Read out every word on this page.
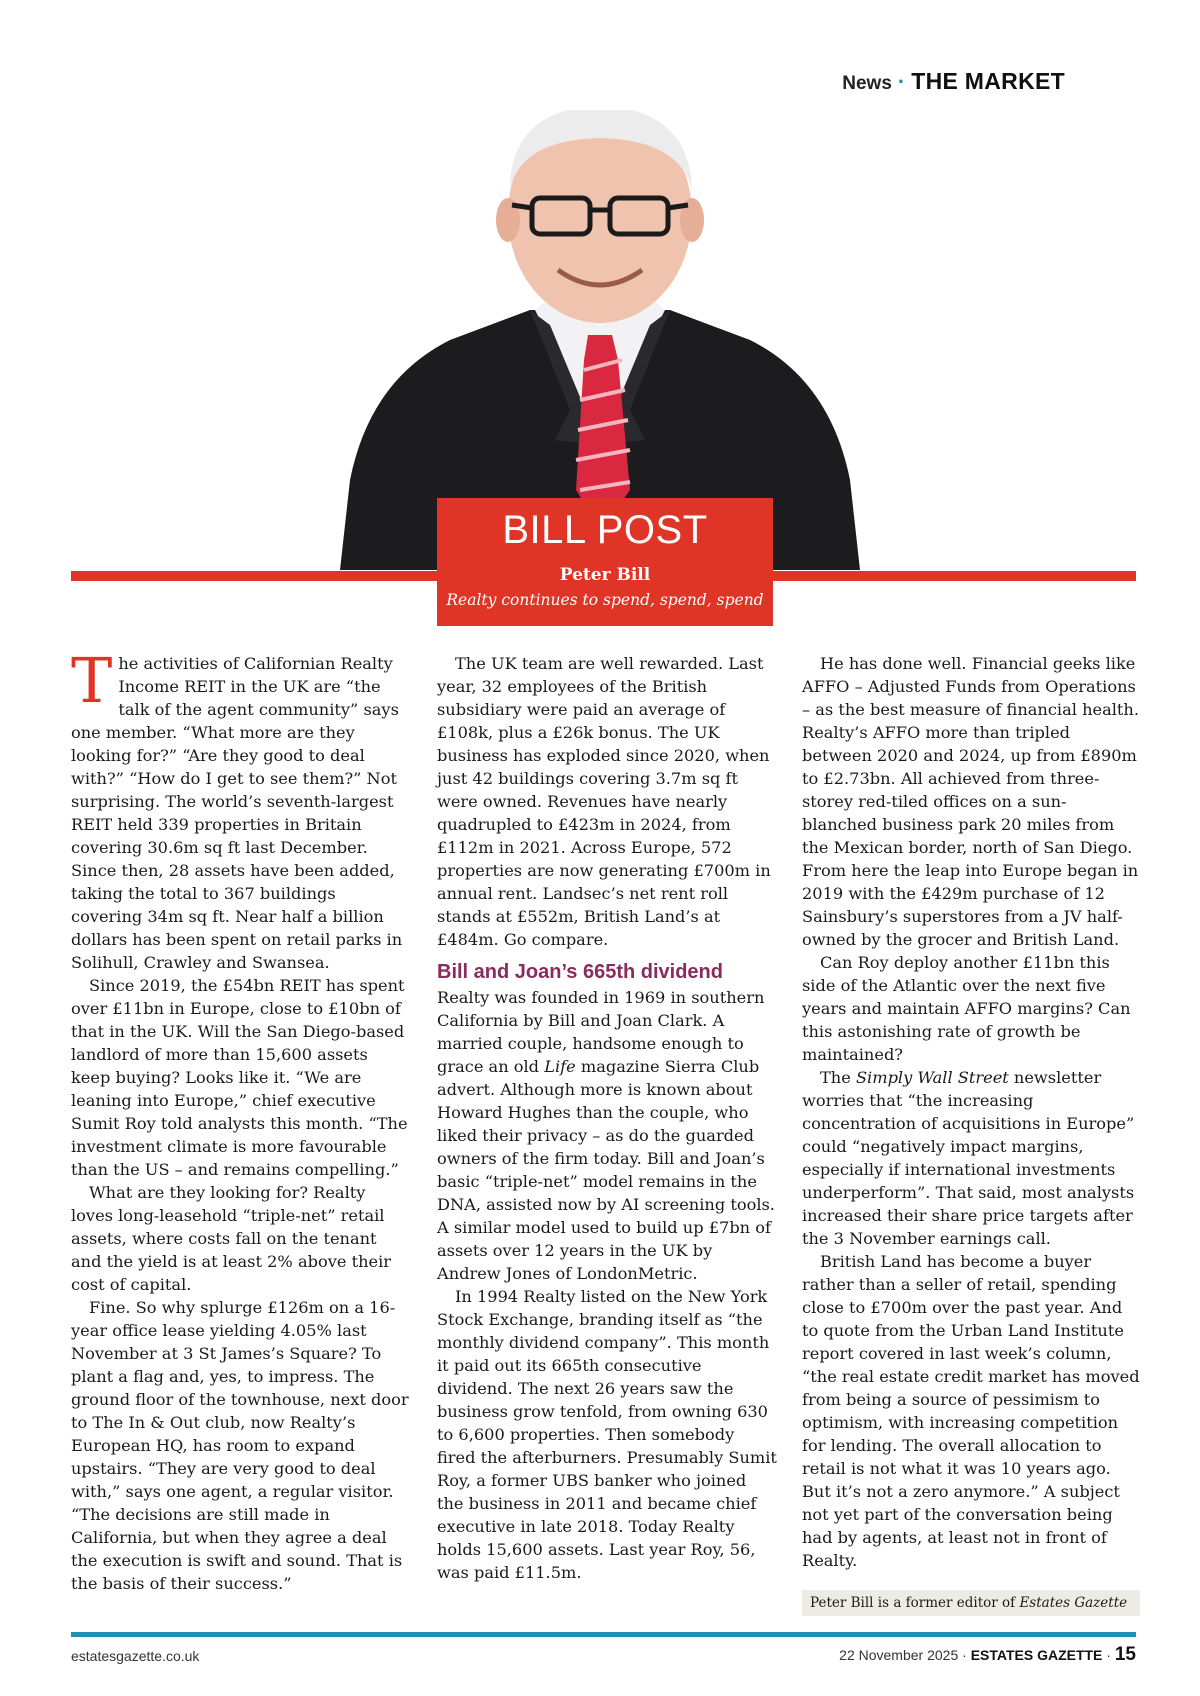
News · THE MARKET
BILL POST
Peter Bill
Realty continues to spend, spend, spend

The activities of Californian Realty Income REIT in the UK are “the talk of the agent community” says one member. “What more are they looking for?” “Are they good to deal with?” “How do I get to see them?” Not surprising. The world’s seventh-largest REIT held 339 properties in Britain covering 30.6m sq ft last December. Since then, 28 assets have been added, taking the total to 367 buildings covering 34m sq ft. Near half a billion dollars has been spent on retail parks in Solihull, Crawley and Swansea.

Since 2019, the £54bn REIT has spent over £11bn in Europe, close to £10bn of that in the UK. Will the San Diego-based landlord of more than 15,600 assets keep buying? Looks like it. “We are leaning into Europe,” chief executive Sumit Roy told analysts this month. “The investment climate is more favourable than the US – and remains compelling.”

What are they looking for? Realty loves long-leasehold “triple-net” retail assets, where costs fall on the tenant and the yield is at least 2% above their cost of capital.

Fine. So why splurge £126m on a 16-year office lease yielding 4.05% last November at 3 St James’s Square? To plant a flag and, yes, to impress. The ground floor of the townhouse, next door to The In & Out club, now Realty’s European HQ, has room to expand upstairs. “They are very good to deal with,” says one agent, a regular visitor. “The decisions are still made in California, but when they agree a deal the execution is swift and sound. That is the basis of their success.”

The UK team are well rewarded. Last year, 32 employees of the British subsidiary were paid an average of £108k, plus a £26k bonus. The UK business has exploded since 2020, when just 42 buildings covering 3.7m sq ft were owned. Revenues have nearly quadrupled to £423m in 2024, from £112m in 2021. Across Europe, 572 properties are now generating £700m in annual rent. Landsec’s net rent roll stands at £552m, British Land’s at £484m. Go compare.

Bill and Joan’s 665th dividend

Realty was founded in 1969 in southern California by Bill and Joan Clark. A married couple, handsome enough to grace an old Life magazine Sierra Club advert. Although more is known about Howard Hughes than the couple, who liked their privacy – as do the guarded owners of the firm today. Bill and Joan’s basic “triple-net” model remains in the DNA, assisted now by AI screening tools. A similar model used to build up £7bn of assets over 12 years in the UK by Andrew Jones of LondonMetric.

In 1994 Realty listed on the New York Stock Exchange, branding itself as “the monthly dividend company”. This month it paid out its 665th consecutive dividend. The next 26 years saw the business grow tenfold, from owning 630 to 6,600 properties. Then somebody fired the afterburners. Presumably Sumit Roy, a former UBS banker who joined the business in 2011 and became chief executive in late 2018. Today Realty holds 15,600 assets. Last year Roy, 56, was paid £11.5m.

He has done well. Financial geeks like AFFO – Adjusted Funds from Operations – as the best measure of financial health. Realty’s AFFO more than tripled between 2020 and 2024, up from £890m to £2.73bn. All achieved from three-storey red-tiled offices on a sun-blanched business park 20 miles from the Mexican border, north of San Diego. From here the leap into Europe began in 2019 with the £429m purchase of 12 Sainsbury’s superstores from a JV half-owned by the grocer and British Land.

Can Roy deploy another £11bn this side of the Atlantic over the next five years and maintain AFFO margins? Can this astonishing rate of growth be maintained?

The Simply Wall Street newsletter worries that “the increasing concentration of acquisitions in Europe” could “negatively impact margins, especially if international investments underperform”. That said, most analysts increased their share price targets after the 3 November earnings call.

British Land has become a buyer rather than a seller of retail, spending close to £700m over the past year. And to quote from the Urban Land Institute report covered in last week’s column, “the real estate credit market has moved from being a source of pessimism to optimism, with increasing competition for lending. The overall allocation to retail is not what it was 10 years ago. But it’s not a zero anymore.” A subject not yet part of the conversation being had by agents, at least not in front of Realty.

Peter Bill is a former editor of Estates Gazette
estatesgazette.co.uk	22 November 2025 · ESTATES GAZETTE · 15
